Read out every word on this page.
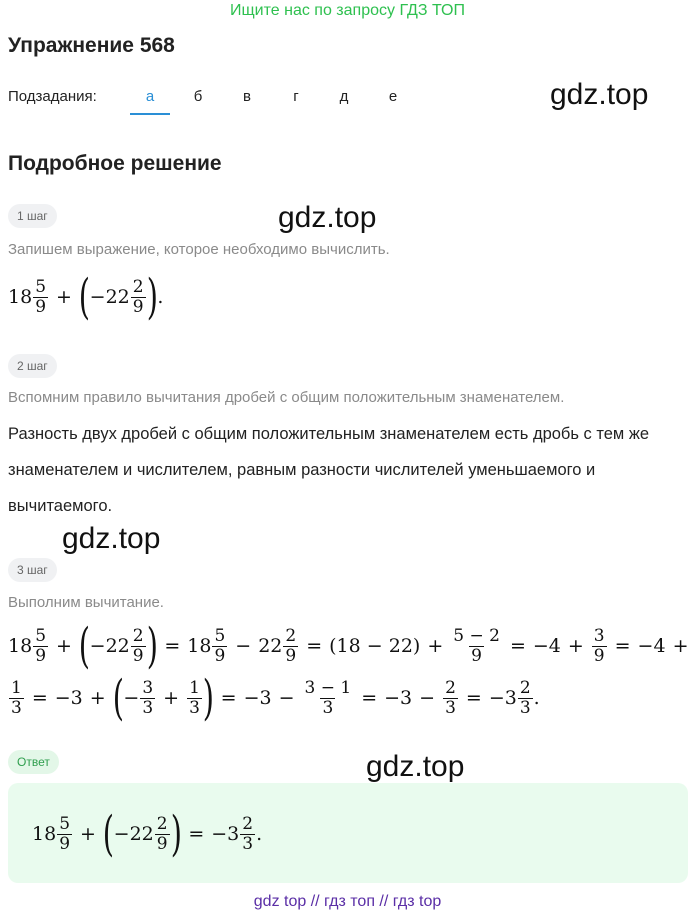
Ищите нас по запросу ГДЗ ТОП
Упражнение 568
Подзадания:	а	б	в	г	д	е	gdz.top
Подробное решение
1 шаг	gdz.top
Запишем выражение, которое необходимо вычислить.
$18 \frac{5}{9}$ + ( $-22 \frac{2}{9}$ ) .
2 шаг
Вспомним правило вычитания дробей с общим положительным знаменателем.
Разность двух дробей с общим положительным знаменателем есть дробь с тем же знаменателем и числителем, равным разности числителей уменьшаемого и вычитаемого.
gdz.top
3 шаг
Выполним вычитание.
$18 \frac{5}{9}$ + ( $-22 \frac{2}{9}$ ) = $18 \frac{5}{9} - 22 \frac{2}{9} = (18 - 22) + \frac{5 - 2}{9} = -4 + \frac{3}{9} = -4$ +
$\frac{1}{3} = -3$ + ( − $\frac{3}{3} + \frac{1}{3}$ ) = $-3 - \frac{3 - 1}{3} = -3 - \frac{2}{3} = -3 \frac{2}{3}$ .
Ответ	gdz.top
$18 \frac{5}{9}$ + ( $-22 \frac{2}{9}$ ) = $-3 \frac{2}{3}$ .
gdz top // гдз топ // гдз top
